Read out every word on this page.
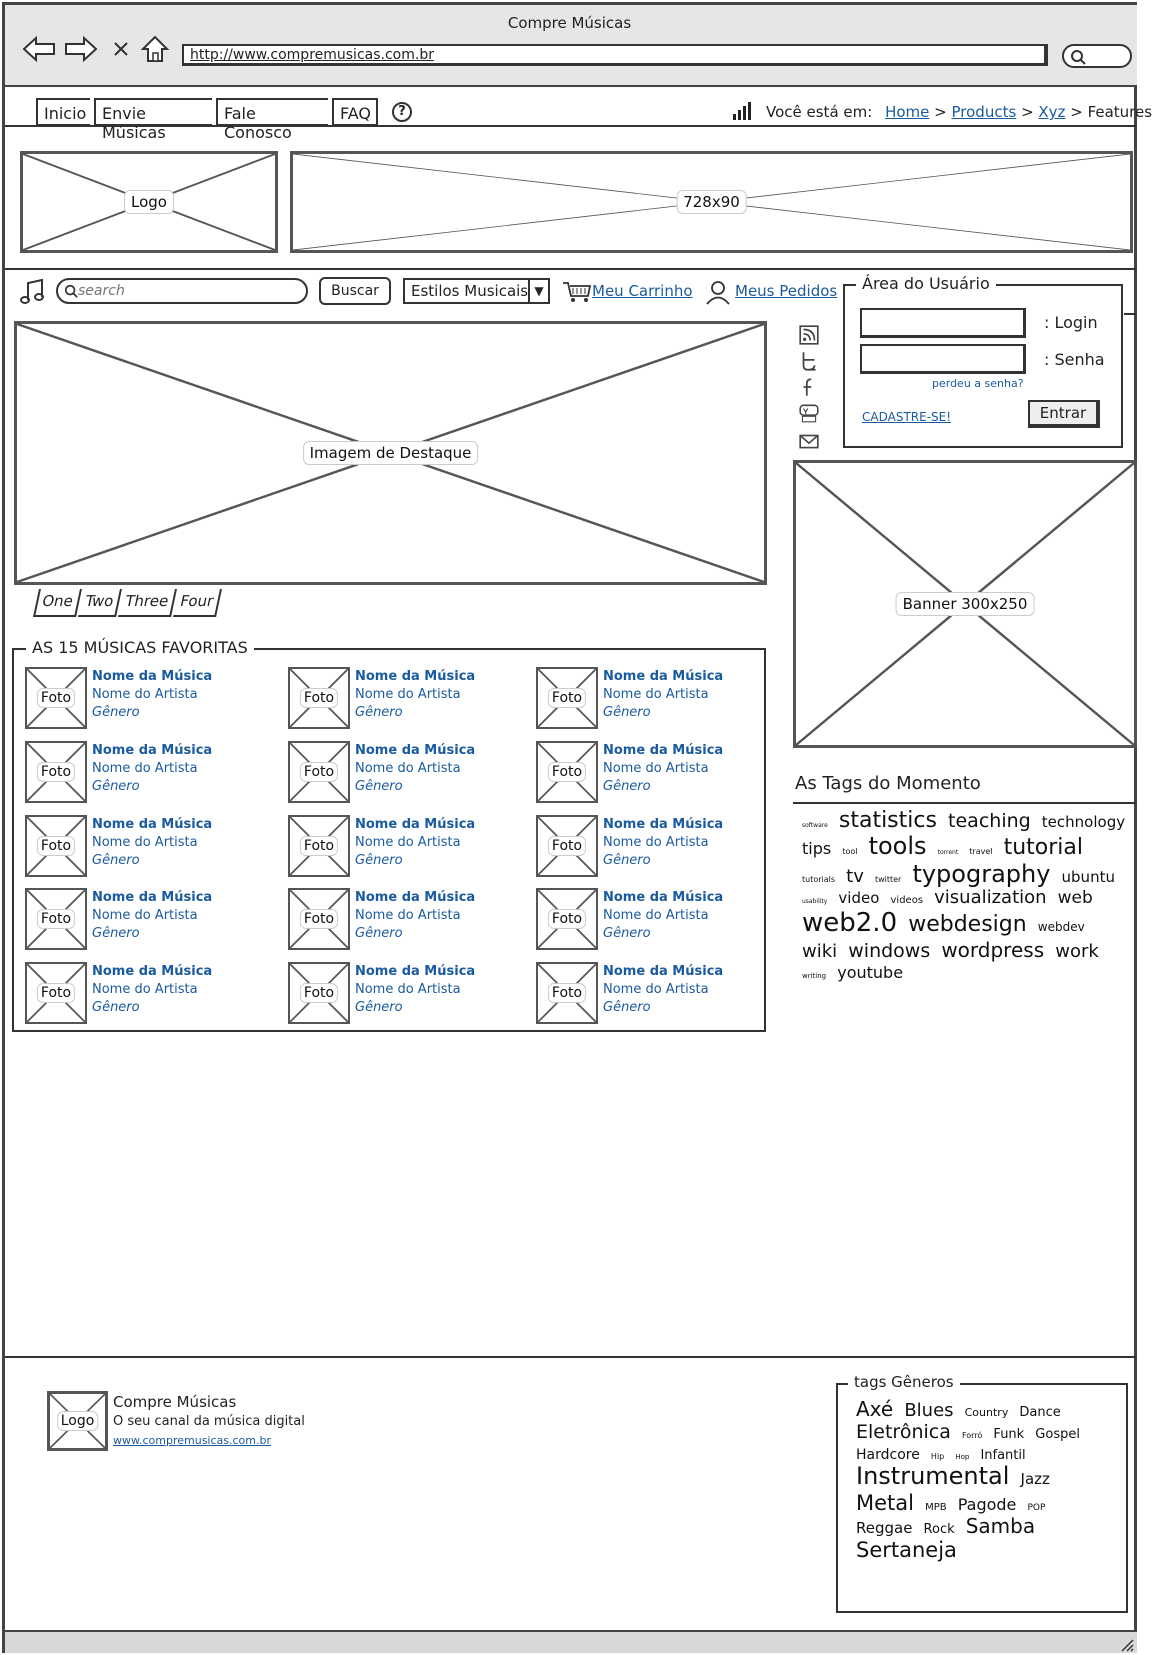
Compre Músicas
http://www.compremusicas.com.br
Inicio Envie Músicas
Fale Conosco
FAQ	?	Você está em: Home > Products > Xyz > Features
Logo	728x90
search
Buscar	Estilos Musicais ▼	Meu Carrinho	Meus Pedidos	Área do Usuário
: Login
: Senha
perdeu a senha?
CADASTRE-SE!	Entrar
Imagem de Destaque
One Two Three Four	Banner 300x250
AS 15 MÚSICAS FAVORITAS
Foto
Nome da Música
Nome do Artista
Gênero
Foto
Nome da Música
Nome do Artista
Gênero
Foto
Nome da Música
Nome do Artista
Gênero
Foto
Nome da Música
Nome do Artista
Gênero
Foto
Nome da Música
Nome do Artista
Gênero
Foto
Nome da Música
Nome do Artista
Gênero
Foto
Nome da Música
Nome do Artista
Gênero
Foto
Nome da Música
Nome do Artista
Gênero
Foto
Nome da Música
Nome do Artista
Gênero
Foto
Nome da Música
Nome do Artista
Gênero
Foto
Nome da Música
Nome do Artista
Gênero
Foto
Nome da Música
Nome do Artista
Gênero
Foto
Nome da Música
Nome do Artista
Gênero
Foto
Nome da Música
Nome do Artista
Gênero
Foto
Nome da Música
Nome do Artista
Gênero
As Tags do Momento
software statistics teaching technology tips tool tools torrent travel tutorial tutorials tv twitter typography ubuntu usability video videos visualization web web2.0 webdesign webdev wiki windows wordpress work writing youtube
Logo
Compre Músicas
O seu canal da música digital
www.compremusicas.com.br
tags Gêneros
Axé Blues Country Dance Eletrônica Forró Funk Gospel Hardcore Hip Hop Infantil Instrumental Jazz Metal MPB Pagode POP Reggae Rock Samba Sertaneja
